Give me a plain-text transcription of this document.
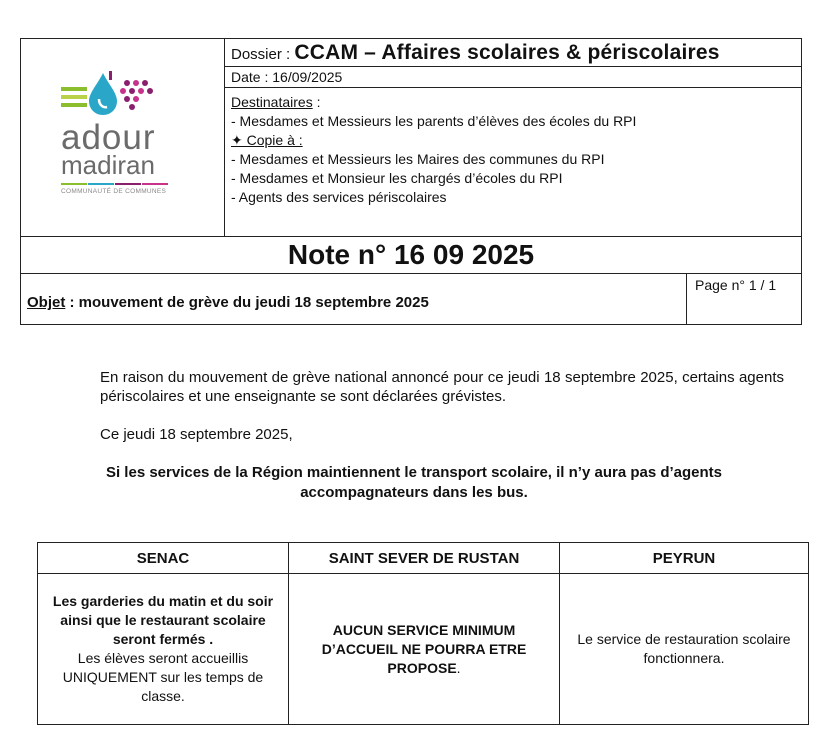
adour
madiran
COMMUNAUTÉ DE COMMUNES
Dossier : CCAM – Affaires scolaires & périscolaires
Date : 16/09/2025
Destinataires :
- Mesdames et Messieurs les parents d’élèves des écoles du RPI
✦ Copie à :
- Mesdames et Messieurs les Maires des communes du RPI
- Mesdames et Monsieur les chargés d’écoles du RPI
- Agents des services périscolaires
Note n° 16 09 2025
Objet : mouvement de grève du jeudi 18 septembre 2025
Page n° 1 / 1
En raison du mouvement de grève national annoncé pour ce jeudi 18 septembre 2025, certains agents périscolaires et une enseignante se sont déclarées grévistes.
Ce jeudi 18 septembre 2025,
Si les services de la Région maintiennent le transport scolaire, il n’y aura pas d’agents accompagnateurs dans les bus.
SENAC	SAINT SEVER DE RUSTAN	PEYRUN
Les garderies du matin et du soir ainsi que le restaurant scolaire seront fermés .
Les élèves seront accueillis UNIQUEMENT sur les temps de classe.	AUCUN SERVICE MINIMUM D’ACCUEIL NE POURRA ETRE PROPOSE.	Le service de restauration scolaire fonctionnera.
